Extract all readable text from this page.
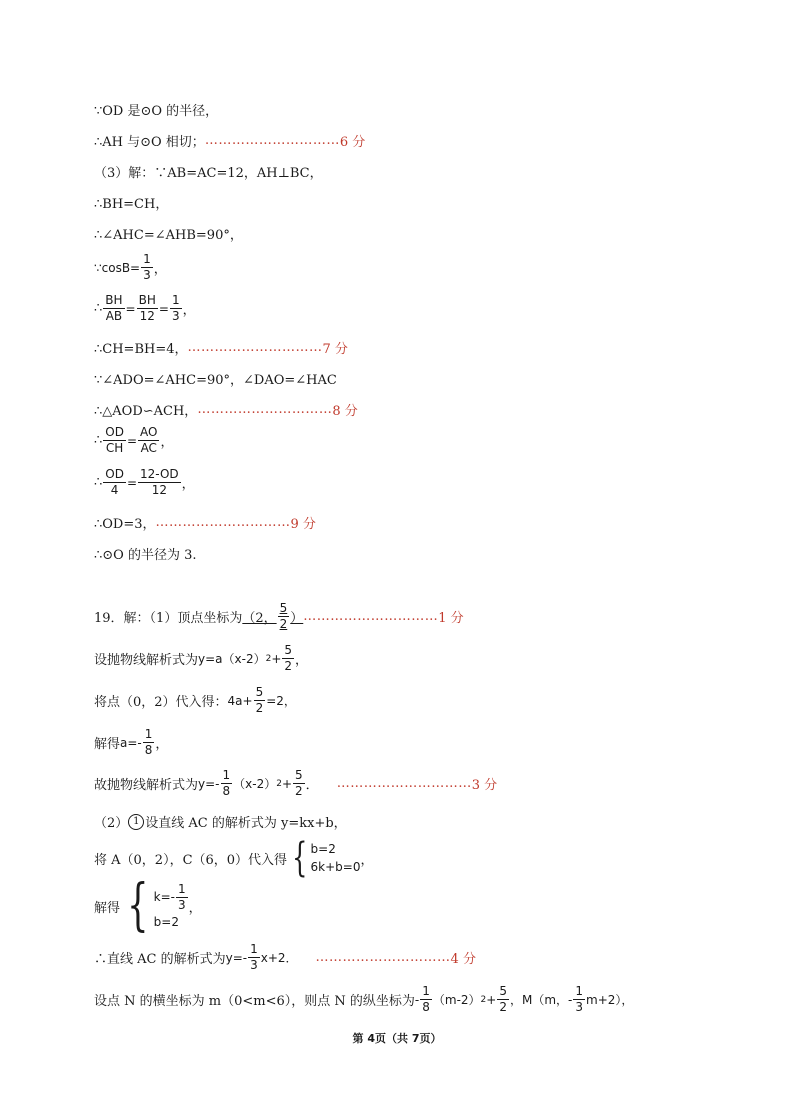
∵OD 是⊙O 的半径，
∴AH 与⊙O 相切； ………………………… 6 分
（3）解：∵AB=AC=12，AH⊥BC，
∴BH=CH，
∴∠AHC=∠AHB=90°，
∵cosB= $\frac{1}{3}$ ，
∴ $\frac{BH}{AB} = \frac{BH}{12} = \frac{1}{3}$ ，
∴CH=BH=4， ………………………… 7 分
∵∠ADO=∠AHC=90°，∠DAO=∠HAC
∴△AOD∽ACH， ………………………… 8 分
∴ $\frac{OD}{CH} = \frac{AO}{AC}$ ，
∴ $\frac{OD}{4} = \frac{12-OD}{12}$ ，
∴OD=3， ………………………… 9 分
∴⊙O 的半径为 3.
19．解：（1）顶点坐标为 （2， $\frac{5}{2}$ ） ………………………… 1 分
设抛物线解析式为 y=a（x-2） $2 + \frac{5}{2}$ ，
将点（0，2）代入得： $4a+ \frac{5}{2} =2$，
解得 $a=- \frac{1}{8}$ ，
故抛物线解析式为 $y=- \frac{1}{8} (x-2) 2 + \frac{5}{2}$ ． ………………………… 3 分
（2） 1 设直线 AC 的解析式为 y=kx+b，
将 A（0，2），C（6，0）代入得 { b=2
6k+b=0 ，
解得 { $k=- \frac{1}{3}$
b=2
，
∴直线 AC 的解析式为 $y=- \frac{1}{3} x+2$． ………………………… 4 分
设点 N 的横坐标为 m（0<m<6），则点 N 的纵坐标为 - $\frac{1}{8} (m-2) 2 + \frac{5}{2}$ ，M（m， - $\frac{1}{3} m+2$），
第 4页（共 7页）
